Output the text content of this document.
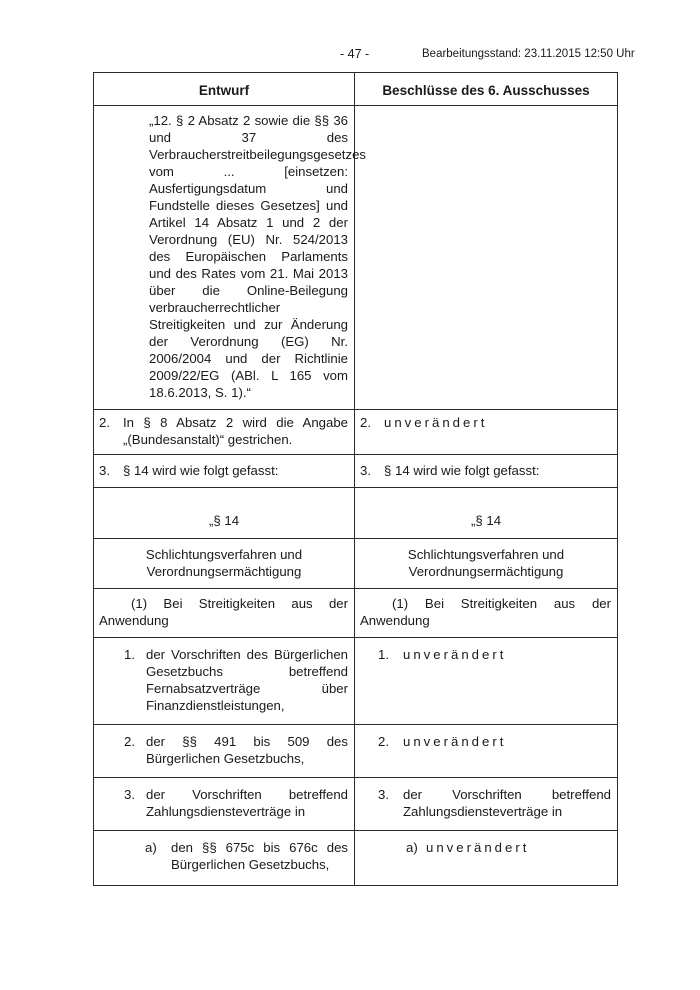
- 47 -	Bearbeitungsstand: 23.11.2015 12:50 Uhr
Entwurf	Beschlüsse des 6. Ausschusses

„12. § 2 Absatz 2 sowie die §§ 36 und 37 des Verbraucherstreitbeilegungsgesetzes vom ... [einsetzen: Ausfertigungsdatum und Fundstelle dieses Gesetzes] und Artikel 14 Absatz 1 und 2 der Verordnung (EU) Nr. 524/2013 des Europäischen Parlaments und des Rates vom 21. Mai 2013 über die Online-Beilegung verbraucherrechtlicher Streitigkeiten und zur Änderung der Verordnung (EG) Nr. 2006/2004 und der Richtlinie 2009/22/EG (ABl. L 165 vom 18.6.2013, S. 1).“	

2. In § 8 Absatz 2 wird die Angabe „(Bundesanstalt)“ gestrichen.	2. unverändert

3. § 14 wird wie folgt gefasst:	3. § 14 wird wie folgt gefasst:

„§ 14	„§ 14

Schlichtungsverfahren und Verordnungsermächtigung	Schlichtungsverfahren und Verordnungsermächtigung

(1) Bei Streitigkeiten aus der Anwendung	(1) Bei Streitigkeiten aus der Anwendung

1. der Vorschriften des Bürgerlichen Gesetzbuchs betreffend Fernabsatzverträge über Finanzdienstleistungen,	1. unverändert

2. der §§ 491 bis 509 des Bürgerlichen Gesetzbuchs,	2. unverändert

3. der Vorschriften betreffend Zahlungsdiensteverträge in	3. der Vorschriften betreffend Zahlungsdiensteverträge in

a) den §§ 675c bis 676c des Bürgerlichen Gesetzbuchs,	a) unverändert
